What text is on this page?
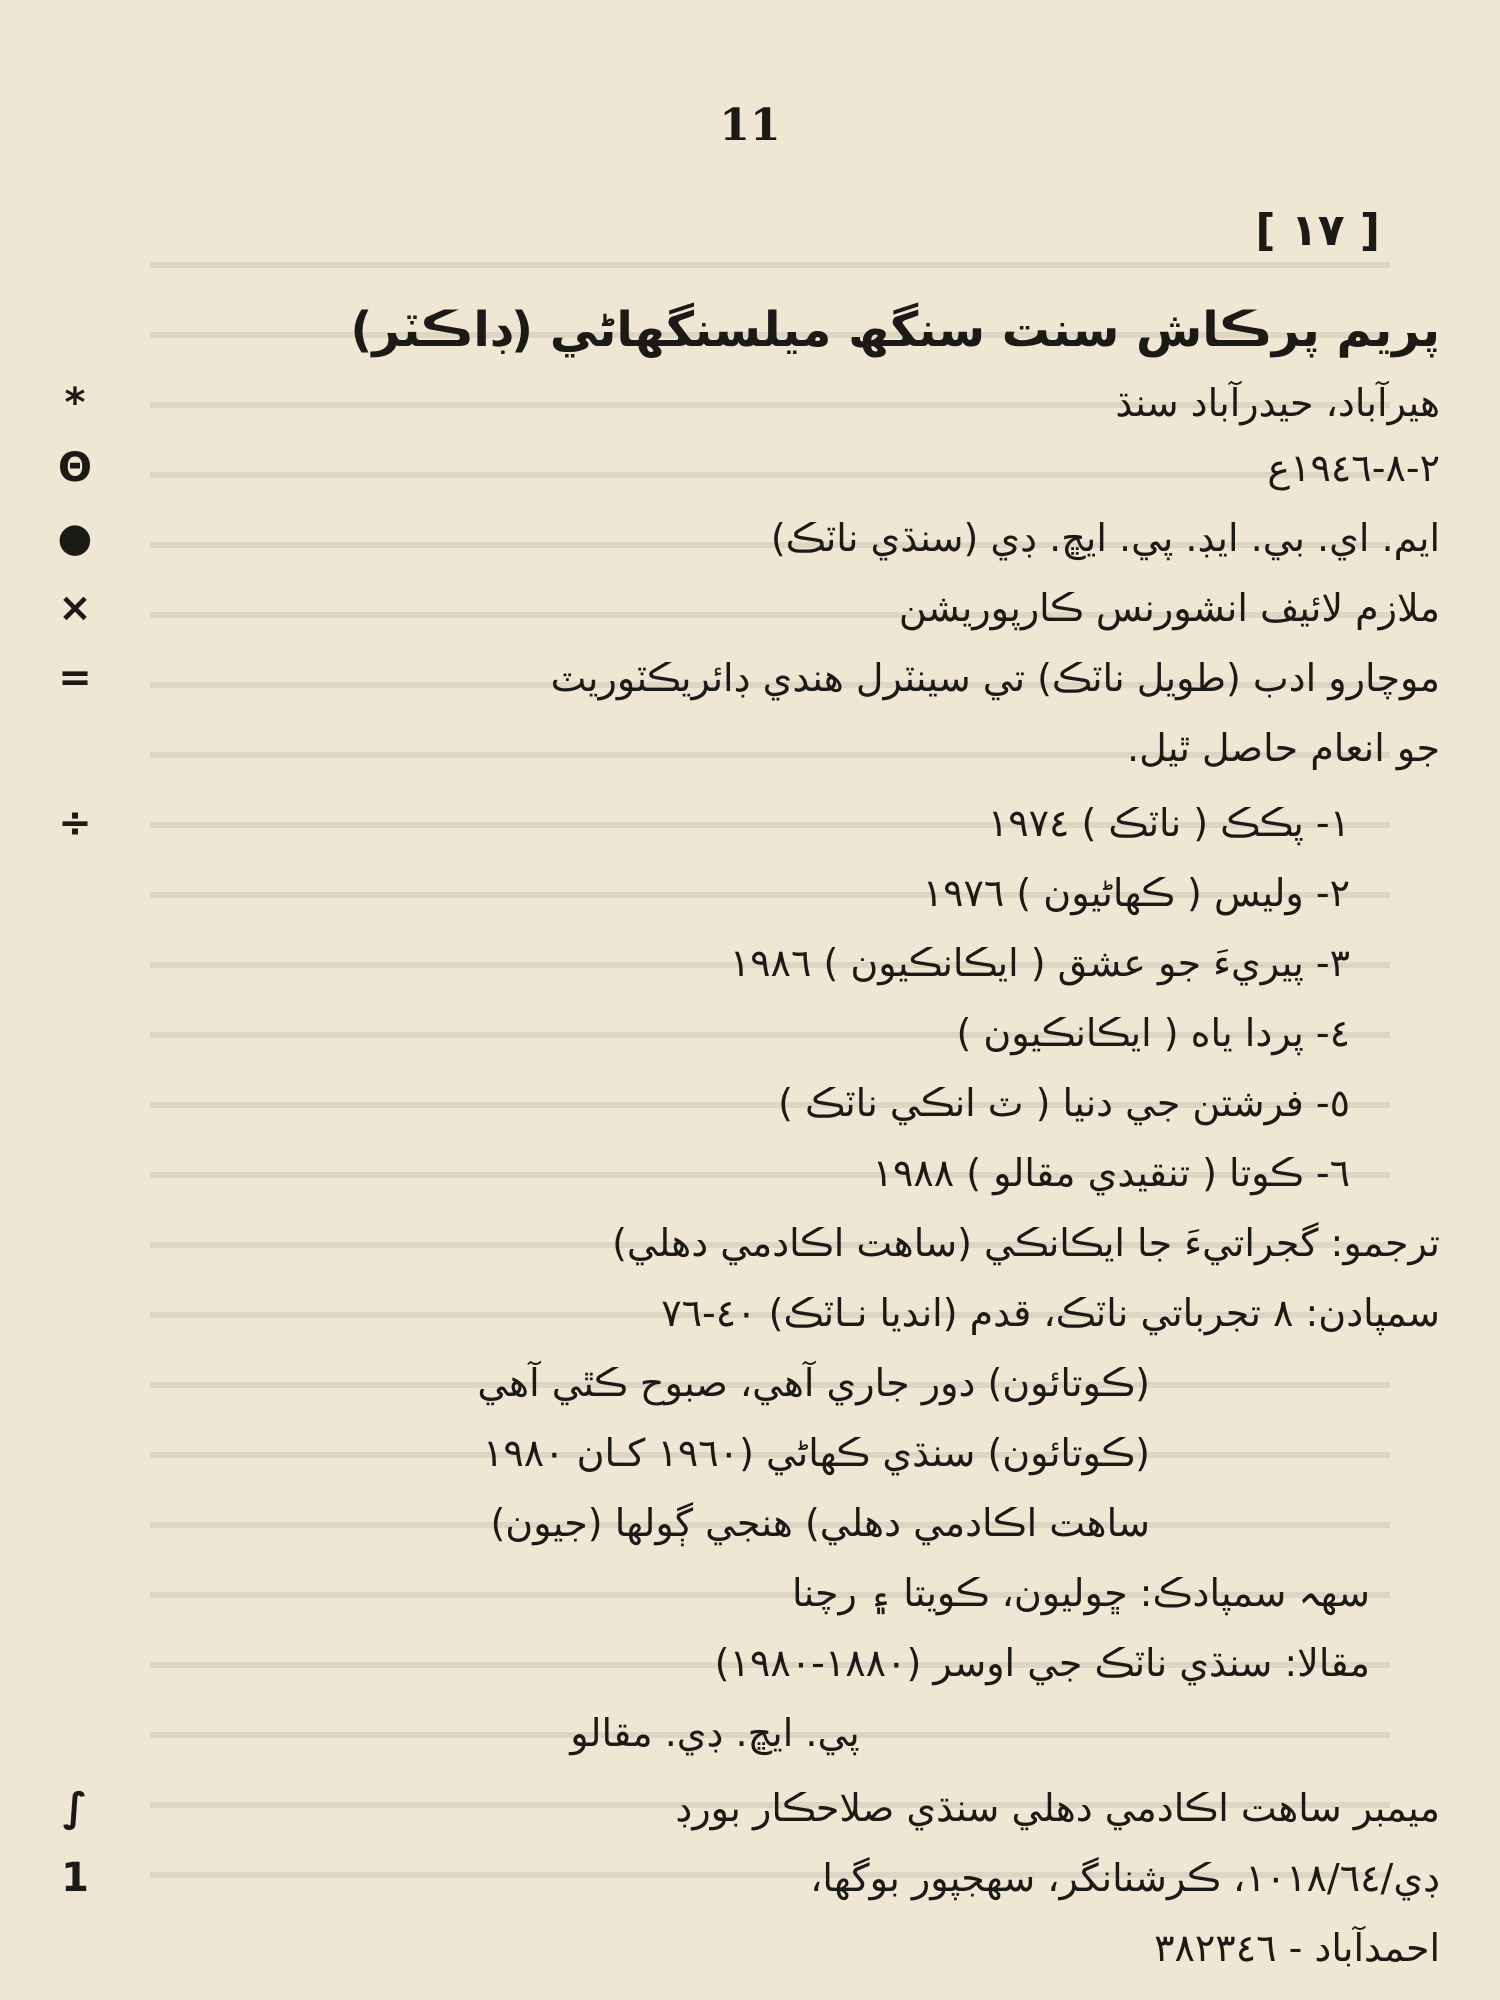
11
[ ١٧ ]
پريم پرڪاش سنت سنگھ ميلسنگهاڻي (ڊاڪٽر)
*	هيرآباد، حيدرآباد سنڌ
Θ	٢-٨-١٩٤٦ع
●	ايم. اي. بي. ايڊ. پي. ايڇ. ڊي (سنڌي ناٽڪ)
×	ملازم لائيف انشورنس ڪارپوريشن
=	موچارو ادب (طويل ناٽڪ) تي سينٽرل هندي ڊائريڪٽوريٽ
جو انعام حاصل ٿيل.
÷	١- پڪڪ ( ناٽڪ ) ١٩٧٤
٢- وليس ( ڪهاڻيون ) ١٩٧٦
٣- پيريءَ جو عشق ( ايڪانڪيون ) ١٩٨٦
٤- پردا ياه ( ايڪانڪيون )
٥- فرشتن جي دنيا ( ٽ انڪي ناٽڪ )
٦- ڪوتا ( تنقيدي مقالو ) ١٩٨٨
ترجمو: گجراتيءَ جا ايڪانڪي (ساهت اڪادمي دهلي)
سمپادن: ٨ تجرباتي ناٽڪ، قدم (انديا نـاٽڪ) ٤٠-٧٦
(ڪوتائون) دور جاري آهي، صبوح ڪٿي آهي
(ڪوتائون) سنڌي ڪهاڻي (١٩٦٠ کـان ١٩٨٠
ساهت اڪادمي دهلي) هنجي ڳولها (جيون)
سهہ سمپادڪ: ڇوليون، ڪويتا ۽ رچنا
مقالا: سنڌي ناٽڪ جي اوسر (١٨٨٠-١٩٨٠)
پي. ايڇ. ڊي. مقالو
∫	ميمبر ساهت اڪادمي دهلي سنڌي صلاحڪار بورڊ
1	ڊي/١٠١٨/٦٤، ڪرشنانگر، سهجپور بوگها،
احمدآباد - ٣٨٢٣٤٦
